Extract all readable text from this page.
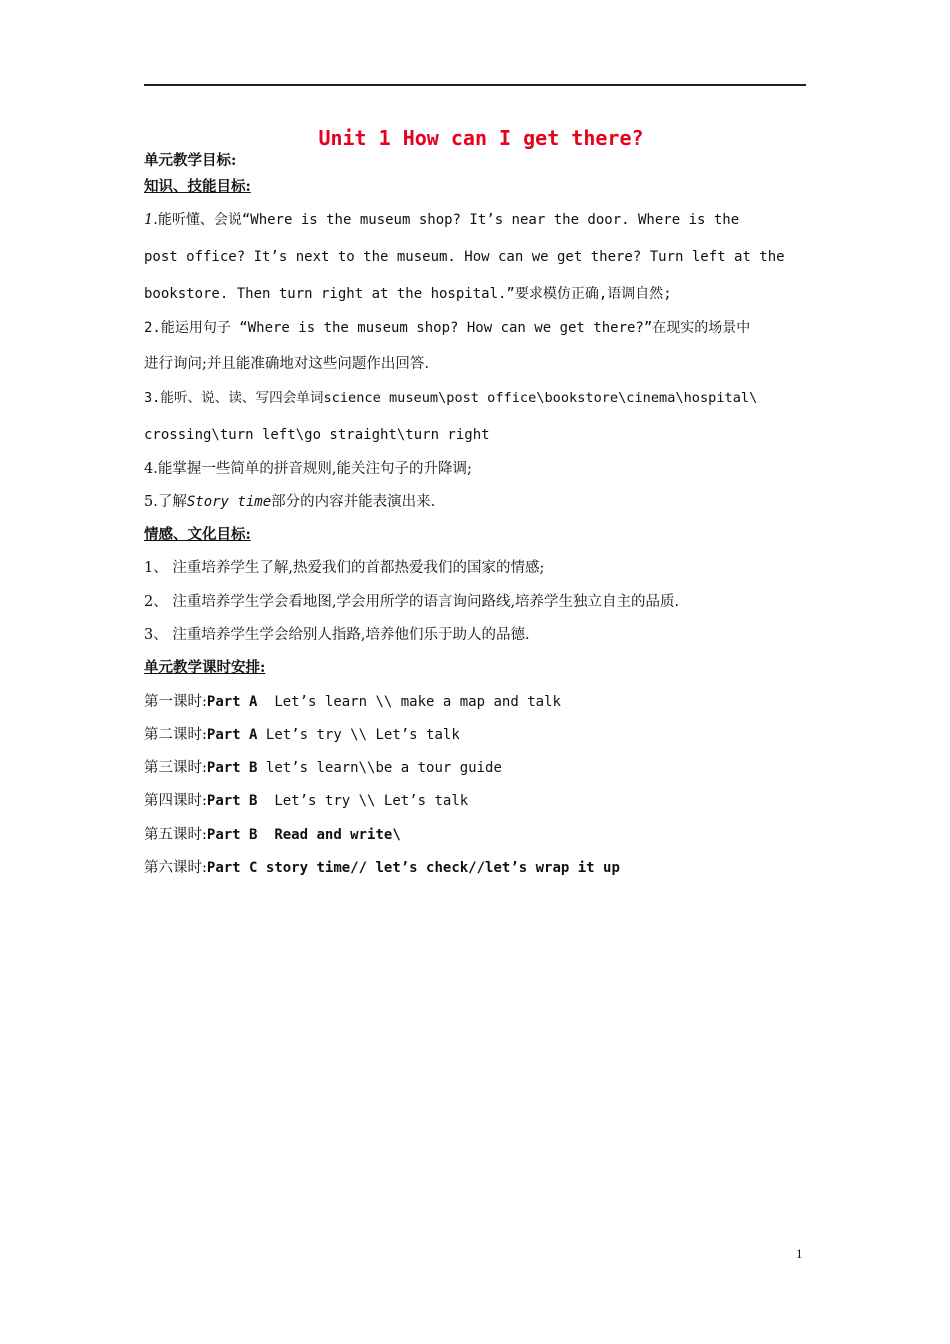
Unit 1 How can I get there?
单元教学目标:
知识、技能目标:
1.能听懂、会说“Where is the museum shop? It’s near the door. Where is the
post office? It’s next to the museum. How can we get there? Turn left at the
bookstore. Then turn right at the hospital.”要求模仿正确,语调自然;
2.能运用句子 “Where is the museum shop? How can we get there?”在现实的场景中
进行询问;并且能准确地对这些问题作出回答.
3.能听、说、读、写四会单词science museum\post office\bookstore\cinema\hospital\
crossing\turn left\go straight\turn right
4.能掌握一些简单的拼音规则,能关注句子的升降调;
5.了解Story time部分的内容并能表演出来.
情感、文化目标:
1、 注重培养学生了解,热爱我们的首都热爱我们的国家的情感;
2、 注重培养学生学会看地图,学会用所学的语言询问路线,培养学生独立自主的品质.
3、 注重培养学生学会给别人指路,培养他们乐于助人的品德.
单元教学课时安排:
第一课时:Part A  Let’s learn \\ make a map and talk
第二课时:Part A Let’s try \\ Let’s talk
第三课时:Part B let’s learn\\be a tour guide
第四课时:Part B  Let’s try \\ Let’s talk
第五课时:Part B  Read and write\
第六课时:Part C story time// let’s check//let’s wrap it up
1
